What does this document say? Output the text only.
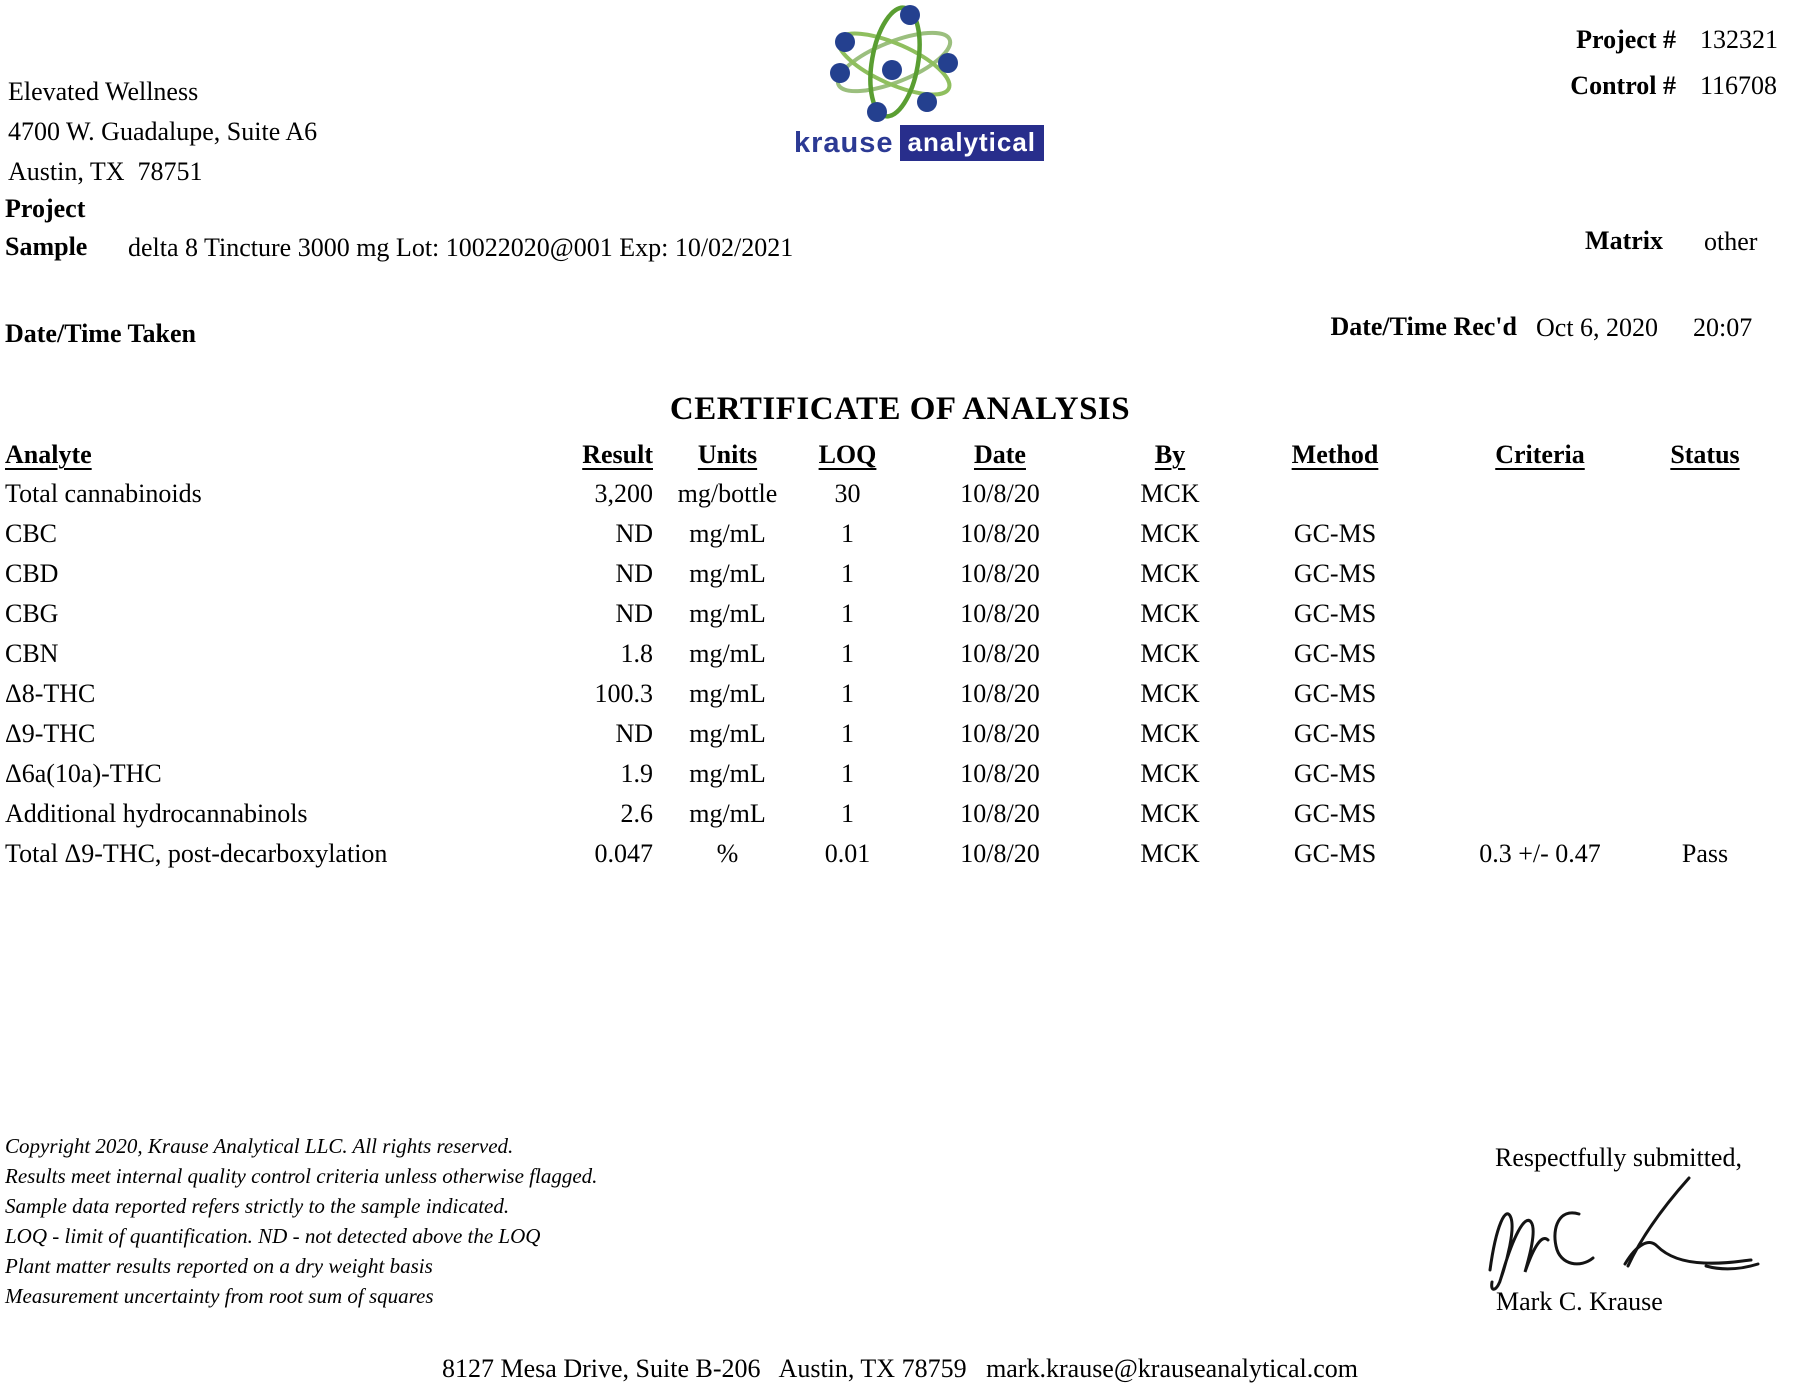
Elevated Wellness
4700 W. Guadalupe, Suite A6
Austin, TX  78751
krause analytical
Project # 132321
Control # 116708
Project
Sample delta 8 Tincture 3000 mg Lot: 10022020@001 Exp: 10/02/2021	Matrix other
Date/Time Taken	Date/Time Rec'd Oct 6, 2020 20:07
CERTIFICATE OF ANALYSIS
Analyte	Result	Units	LOQ	Date	By	Method	Criteria	Status
Total cannabinoids	3,200	mg/bottle	30	10/8/20	MCK			
CBC	ND	mg/mL	1	10/8/20	MCK	GC-MS		
CBD	ND	mg/mL	1	10/8/20	MCK	GC-MS		
CBG	ND	mg/mL	1	10/8/20	MCK	GC-MS		
CBN	1.8	mg/mL	1	10/8/20	MCK	GC-MS		
Δ8-THC	100.3	mg/mL	1	10/8/20	MCK	GC-MS		
Δ9-THC	ND	mg/mL	1	10/8/20	MCK	GC-MS		
Δ6a(10a)-THC	1.9	mg/mL	1	10/8/20	MCK	GC-MS		
Additional hydrocannabinols	2.6	mg/mL	1	10/8/20	MCK	GC-MS		
Total Δ9-THC, post-decarboxylation	0.047	%	0.01	10/8/20	MCK	GC-MS	0.3 +/- 0.47	Pass
Copyright 2020, Krause Analytical LLC. All rights reserved.
Results meet internal quality control criteria unless otherwise flagged.
Sample data reported refers strictly to the sample indicated.
LOQ - limit of quantification. ND - not detected above the LOQ
Plant matter results reported on a dry weight basis
Measurement uncertainty from root sum of squares
Respectfully submitted,
Mark C. Krause
8127 Mesa Drive, Suite B-206   Austin, TX 78759   mark.krause@krauseanalytical.com
